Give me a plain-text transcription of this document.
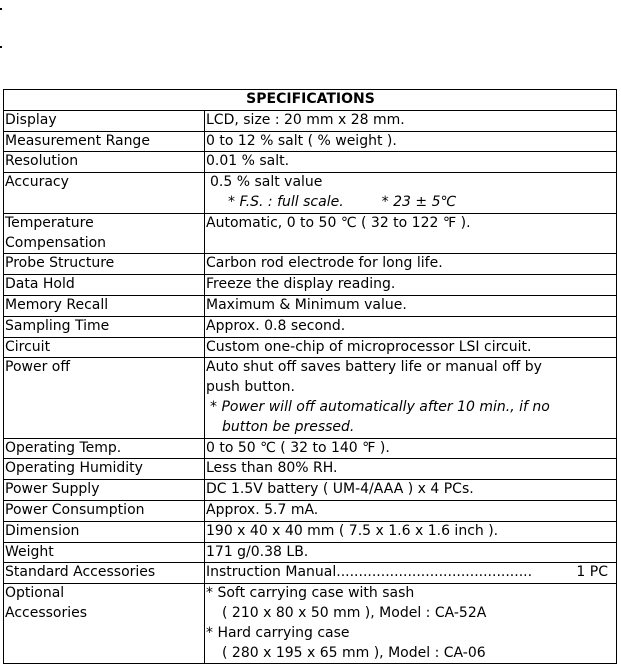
SPECIFICATIONS	

Display	LCD, size : 20 mm x 28 mm.

Measurement Range	0 to 12 % salt ( % weight ).

Resolution	0.01 % salt.

Accuracy	0.5 % salt value
* F.S. : full scale. * 23 ± 5℃

Temperature
Compensation	Automatic, 0 to 50 ℃ ( 32 to 122 ℉ ).

Probe Structure	Carbon rod electrode for long life.

Data Hold	Freeze the display reading.

Memory Recall	Maximum & Minimum value.

Sampling Time	Approx. 0.8 second.

Circuit	Custom one-chip of microprocessor LSI circuit.

Power off	Auto shut off saves battery life or manual off by
push button.
* Power will off automatically after 10 min., if no
button be pressed.

Operating Temp.	0 to 50 ℃ ( 32 to 140 ℉ ).

Operating Humidity	Less than 80% RH.

Power Supply	DC 1.5V battery ( UM-4/AAA ) x 4 PCs.

Power Consumption	Approx. 5.7 mA.

Dimension	190 x 40 x 40 mm ( 7.5 x 1.6 x 1.6 inch ).

Weight	171 g/0.38 LB.

Standard Accessories	Instruction Manual............................................ 1 PC

Optional
Accessories	* Soft carrying case with sash
( 210 x 80 x 50 mm ), Model : CA-52A
* Hard carrying case
( 280 x 195 x 65 mm ), Model : CA-06
